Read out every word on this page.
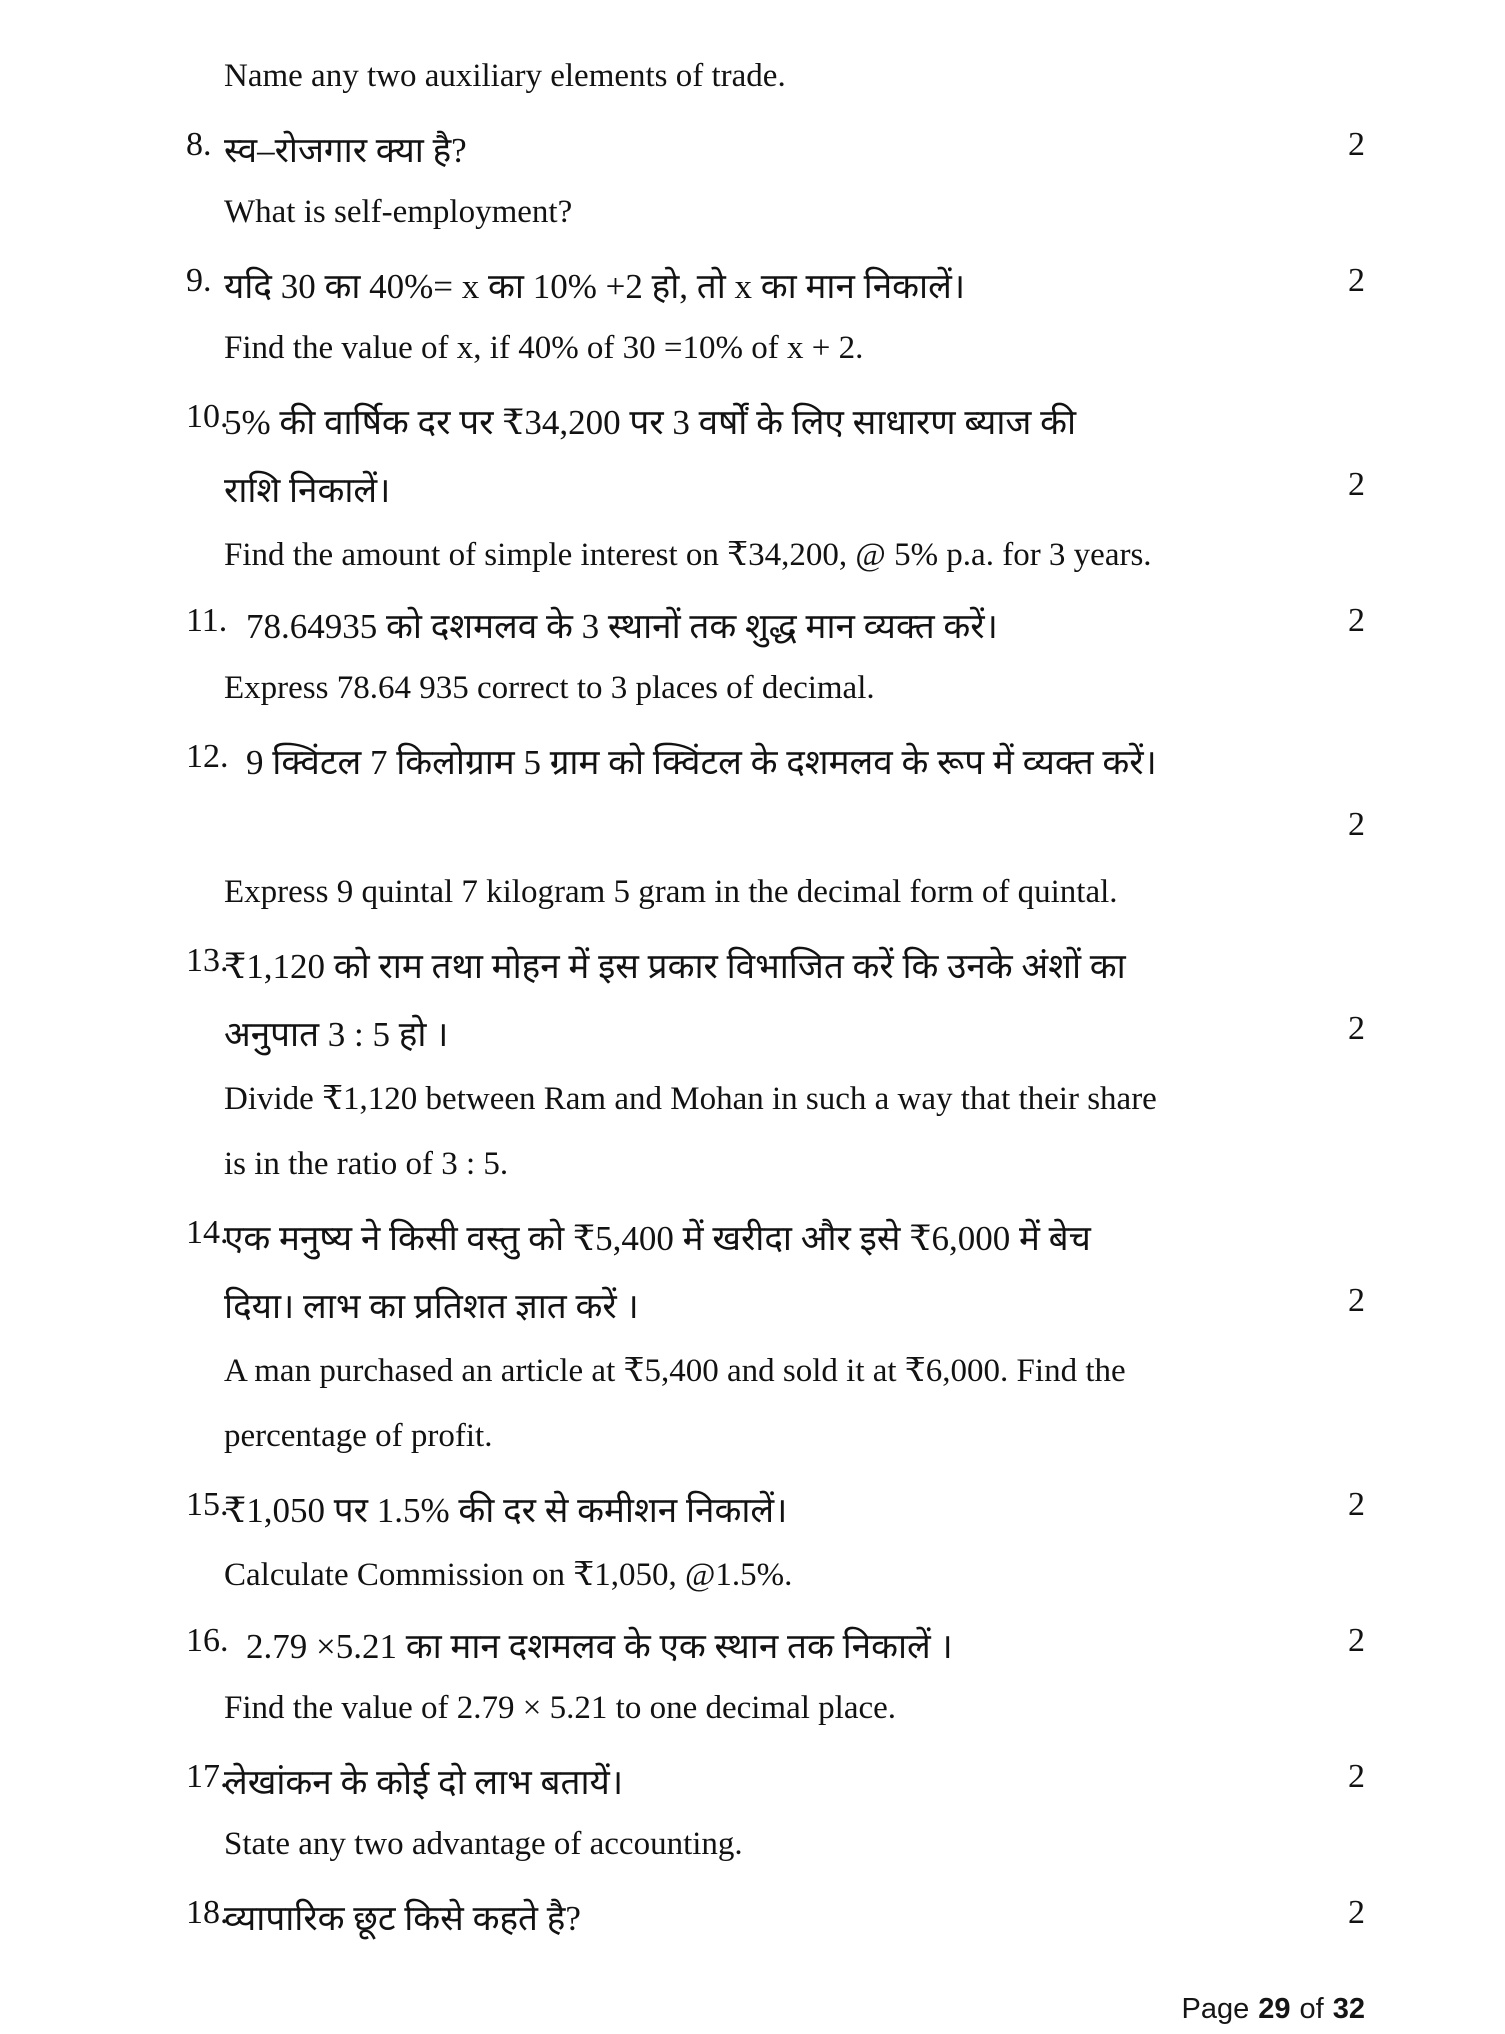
Name any two auxiliary elements of trade.
8. स्व–रोजगार क्या है?	2
What is self-employment?
9. यदि 30 का 40%= x का 10% +2 हो, तो x का मान निकालें।	2
Find the value of x, if 40% of 30 =10% of x + 2.
10.
5% की वार्षिक दर पर ₹34,200 पर 3 वर्षों के लिए साधारण ब्याज की
राशि निकालें।	2
Find the amount of simple interest on ₹34,200, @ 5% p.a. for 3 years.
11. 78.64935 को दशमलव के 3 स्थानों तक शुद्ध मान व्यक्त करें।	2
Express 78.64 935 correct to 3 places of decimal.
12. 9 क्विंटल 7 किलोग्राम 5 ग्राम को क्विंटल के दशमलव के रूप में व्यक्त करें।
2
Express 9 quintal 7 kilogram 5 gram in the decimal form of quintal.
13.
₹1,120 को राम तथा मोहन में इस प्रकार विभाजित करें कि उनके अंशों का
अनुपात 3 : 5 हो ।	2
Divide ₹1,120 between Ram and Mohan in such a way that their share
is in the ratio of 3 : 5.
14.
एक मनुष्य ने किसी वस्तु को ₹5,400 में खरीदा और इसे ₹6,000 में बेच
दिया। लाभ का प्रतिशत ज्ञात करें ।	2
A man purchased an article at ₹5,400 and sold it at ₹6,000. Find the
percentage of profit.
15.
₹1,050 पर 1.5% की दर से कमीशन निकालें।	2
Calculate Commission on ₹1,050, @1.5%.
16. 2.79 ×5.21 का मान दशमलव के एक स्थान तक निकालें ।	2
Find the value of 2.79 × 5.21 to one decimal place.
17.
लेखांकन के कोई दो लाभ बतायें।	2
State any two advantage of accounting.
18.
व्यापारिक छूट किसे कहते है?	2
Page 29 of 32
